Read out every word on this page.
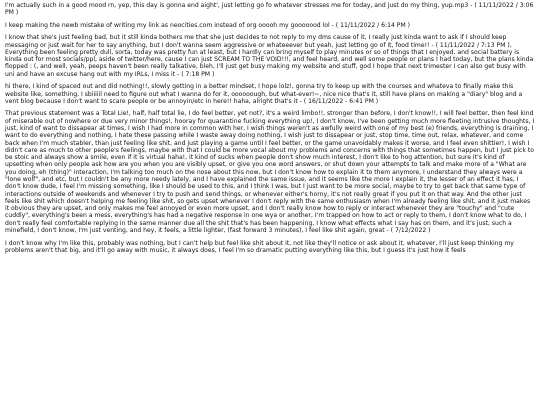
I'm actually such in a good mood rn, yep, this day is gonna end aight', just letting go fo whatever stresses me for today, and just do my thing, yup.mp3 - ( 11/11/2022 / 3:06 PM )

I keep making the newb mistake of writing my link as neocities.com instead of org ooooh my gooooood lol - ( 11/11/2022 / 6:14 PM )

I know that she's just feeling bad, but it still kinda bothers me that she just decides to not reply to my dms cause of it, I really just kinda want to ask if I should keep messaging or just wait for her to say anything, but I don't wanna seem aggressive or whateeever but yeah, just letting go of it, food time!! - ( 11/11/2022 / 7:13 PM ), Everything been feeling pretty dull, sorta, today was pretty fun at least, but I hardly can bring myself to play minutes or so of things that I enjoyed, and social battery is kinda out for most socials/ppl, aside of twitter/here, cause I can just SCREAM TO THE VOID!!!, and feel heard, and well some people or plans I had today, but the plans kinda flopped : (, and well, yeah, peeps haven't been really talkative, bleh, I'll just get busy making my website and stuff, god I hope that next trimester I can also get busy with uni and have an excuse hang out with my IRLs, I miss it - ( 7:18 PM )

hi there, I kind of spaced out and did nothing!!, slowly getting in a better mindset, I hope lolz!, gonna try to keep up with the courses and whateva to finally make this website like, something, I sbiiiiil need to figure out what I wanna do for it, oooooough, but what-ever!~, nice nice that's it, still have plans on making a "diary" blog and a vent blog because I don't want to scare people or be annoyin/etc in here!! haha, alright that's it - ( 16/11/2022 - 6:41 PM )

That previous statement was a Total Lie!, half, half total lie, I do feel better, yet not?, it's a weird limbo!!, stronger than before, I don't know!!, I will feel better, then feel kind of miserable out of nowhere or due very minor things!, hooray for quarantine fucking everything up!, I don't know, I've been getting much more fleeting intrusive thoughts, I just, kind of want to dissapear at times, I wish I had more in common with her, I wish things weren't as awfully weird with one of my best (e) friends, everything is draining, I want to do everything and nothing, I hate these passing while I waste away doing nothing, I wish just to dissapear or just, stop time, time out, relax, whatever, and come back when I'm much stabler, than just feeling like shit, and just playing a game until I feel better, or the game unavoidably makes it worse, and I feel even shittier!, I wish I didn't care as much to other people's feelings, maybe with that I could be more vocal about my problems and concerns with things that sometimes happen, but I just pick to be stoic and always show a smile, even if it is virtual haha!, it kind of sucks when people don't show much interest, I don't like to hog attention, but sure it's kind of upsetting when only people ask how are you when you are visibly upset, or give you one word answers, or shut down your attempts to talk and make more of a "What are you doing, eh (thing)" interaction, I'm talking too much on the nose about this now, but I don't know how to explain it to them anymore, I understand they always were a "lone wolf", and etc, but I couldn't be any more needy lately, and I have explained the same issue, and it seems like the more I explain it, the lesser of an effect it has, I don't know dude, I feel I'm missing something, like I should be used to this, and I think I was, but I just want to be more social, maybe to try to get back that same type of interactions outside of weekends and whenever I try to push and send things, or whenever either's horny, it's not really great if you put it on that way. And the other just feels like shit which doesn't helping me feeling like shit, so gets upset whenever I don't reply with the same enthusiasm when I'm already feeling like shit, and it just makes it obvious they are upset, and only makes me feel annoyed or even more upset, and I don't really know how to reply or interact whenever they are "touchy" and "cute cuddly", everything's been a mess, everything's has had a negative response in one wya or another, I'm trapped on how to act or reply to them, I don't know what to do, I don't really feel comfortable replying in the same manner due all the shit that's has been happening, I know what effects what I say has on them, and it's just, such a minefield, I don't know, I'm just venting, and hey, it feels, a little lighter, (fast forward 3 minutes), I feel like shit again, great - ( 7/12/2022 )

I don't know why I'm like this, probably was nothing, but I can't help but feel like shit about it, not like they'll notice or ask about it, whatever, I'll just keep thinking my problems aren't that big, and it'll go away with music, it always does, I feel I'm so dramatic putting everything like this, but I guess it's just how it feels
